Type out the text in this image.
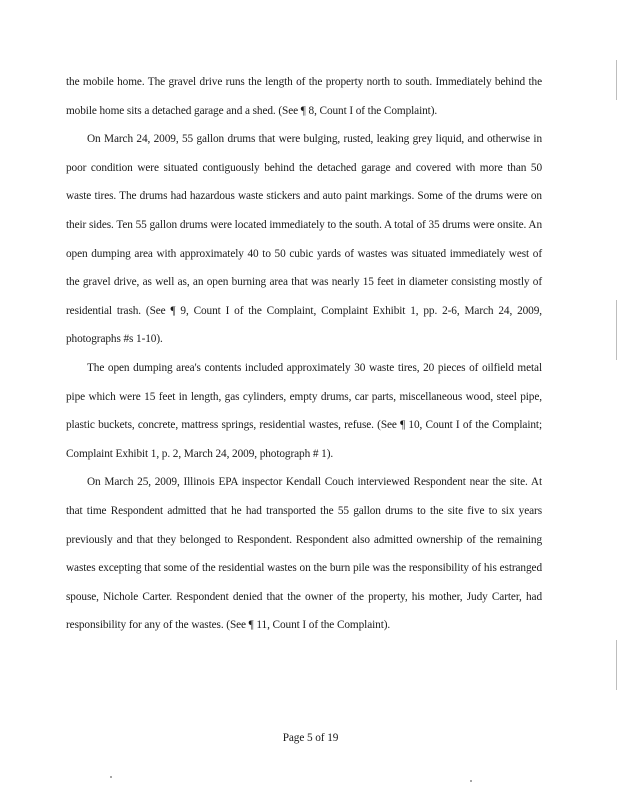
the mobile home. The gravel drive runs the length of the property north to south. Immediately behind the mobile home sits a detached garage and a shed. (See ¶ 8, Count I of the Complaint).

On March 24, 2009, 55 gallon drums that were bulging, rusted, leaking grey liquid, and otherwise in poor condition were situated contiguously behind the detached garage and covered with more than 50 waste tires. The drums had hazardous waste stickers and auto paint markings. Some of the drums were on their sides. Ten 55 gallon drums were located immediately to the south. A total of 35 drums were onsite. An open dumping area with approximately 40 to 50 cubic yards of wastes was situated immediately west of the gravel drive, as well as, an open burning area that was nearly 15 feet in diameter consisting mostly of residential trash. (See ¶ 9, Count I of the Complaint, Complaint Exhibit 1, pp. 2-6, March 24, 2009, photographs #s 1-10).

The open dumping area's contents included approximately 30 waste tires, 20 pieces of oilfield metal pipe which were 15 feet in length, gas cylinders, empty drums, car parts, miscellaneous wood, steel pipe, plastic buckets, concrete, mattress springs, residential wastes, refuse. (See ¶ 10, Count I of the Complaint; Complaint Exhibit 1, p. 2, March 24, 2009, photograph # 1).

On March 25, 2009, Illinois EPA inspector Kendall Couch interviewed Respondent near the site. At that time Respondent admitted that he had transported the 55 gallon drums to the site five to six years previously and that they belonged to Respondent. Respondent also admitted ownership of the remaining wastes excepting that some of the residential wastes on the burn pile was the responsibility of his estranged spouse, Nichole Carter. Respondent denied that the owner of the property, his mother, Judy Carter, had responsibility for any of the wastes. (See ¶ 11, Count I of the Complaint).

Page 5 of 19
